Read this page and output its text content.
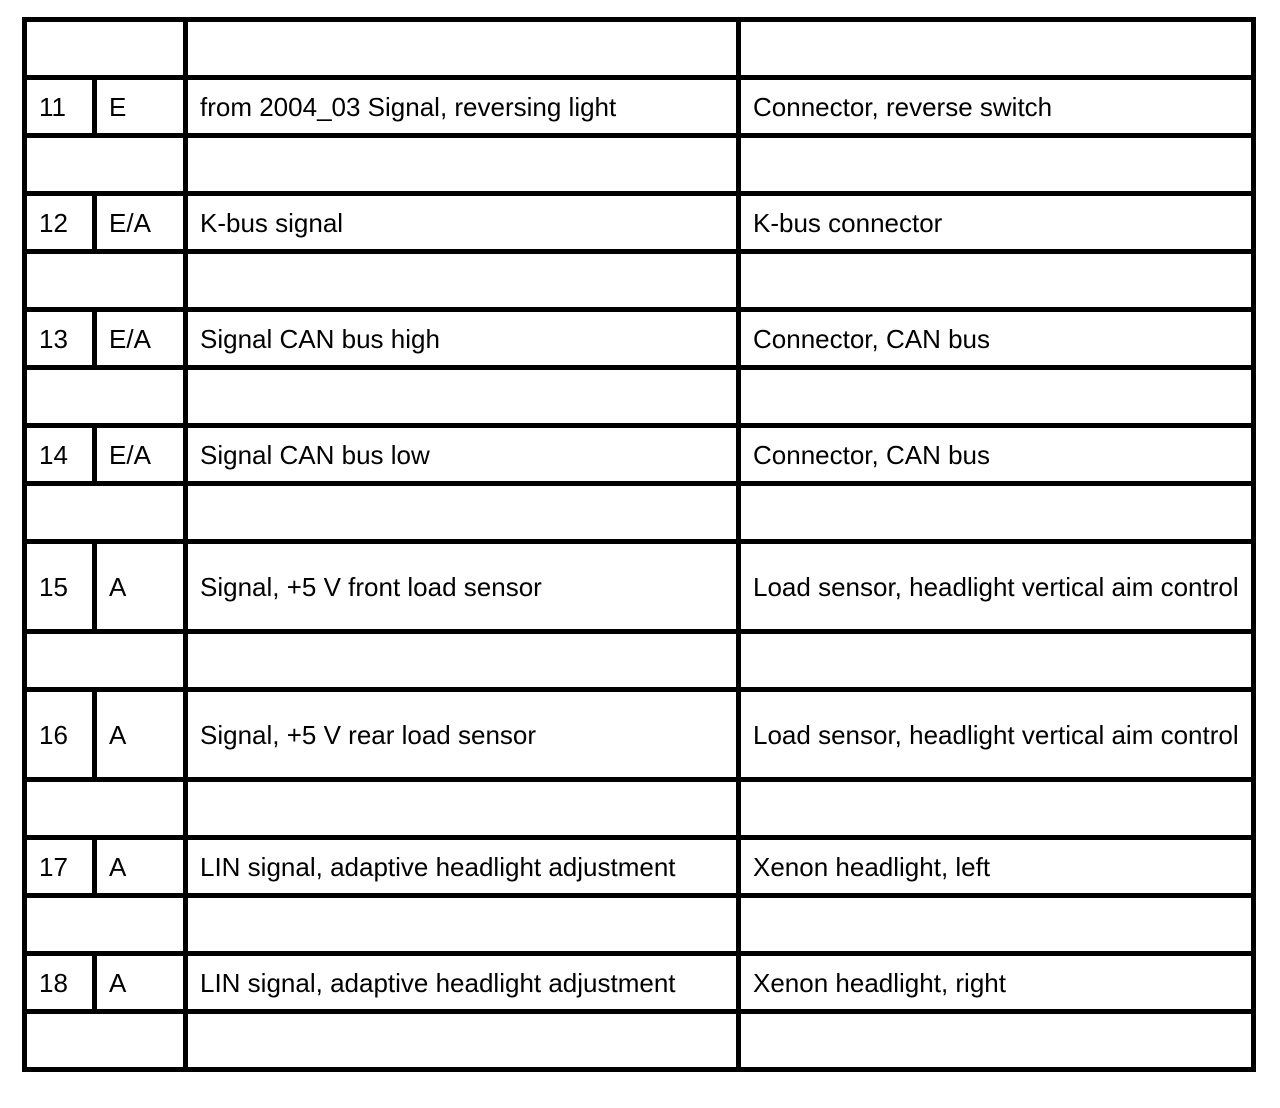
11	E	from 2004_03 Signal, reversing light	Connector, reverse switch

12	E/A	K-bus signal	K-bus connector

13	E/A	Signal CAN bus high	Connector, CAN bus

14	E/A	Signal CAN bus low	Connector, CAN bus

15	A	Signal, +5 V front load sensor	Load sensor, headlight vertical aim control

16	A	Signal, +5 V rear load sensor	Load sensor, headlight vertical aim control

17	A	LIN signal, adaptive headlight adjustment	Xenon headlight, left

18	A	LIN signal, adaptive headlight adjustment	Xenon headlight, right
